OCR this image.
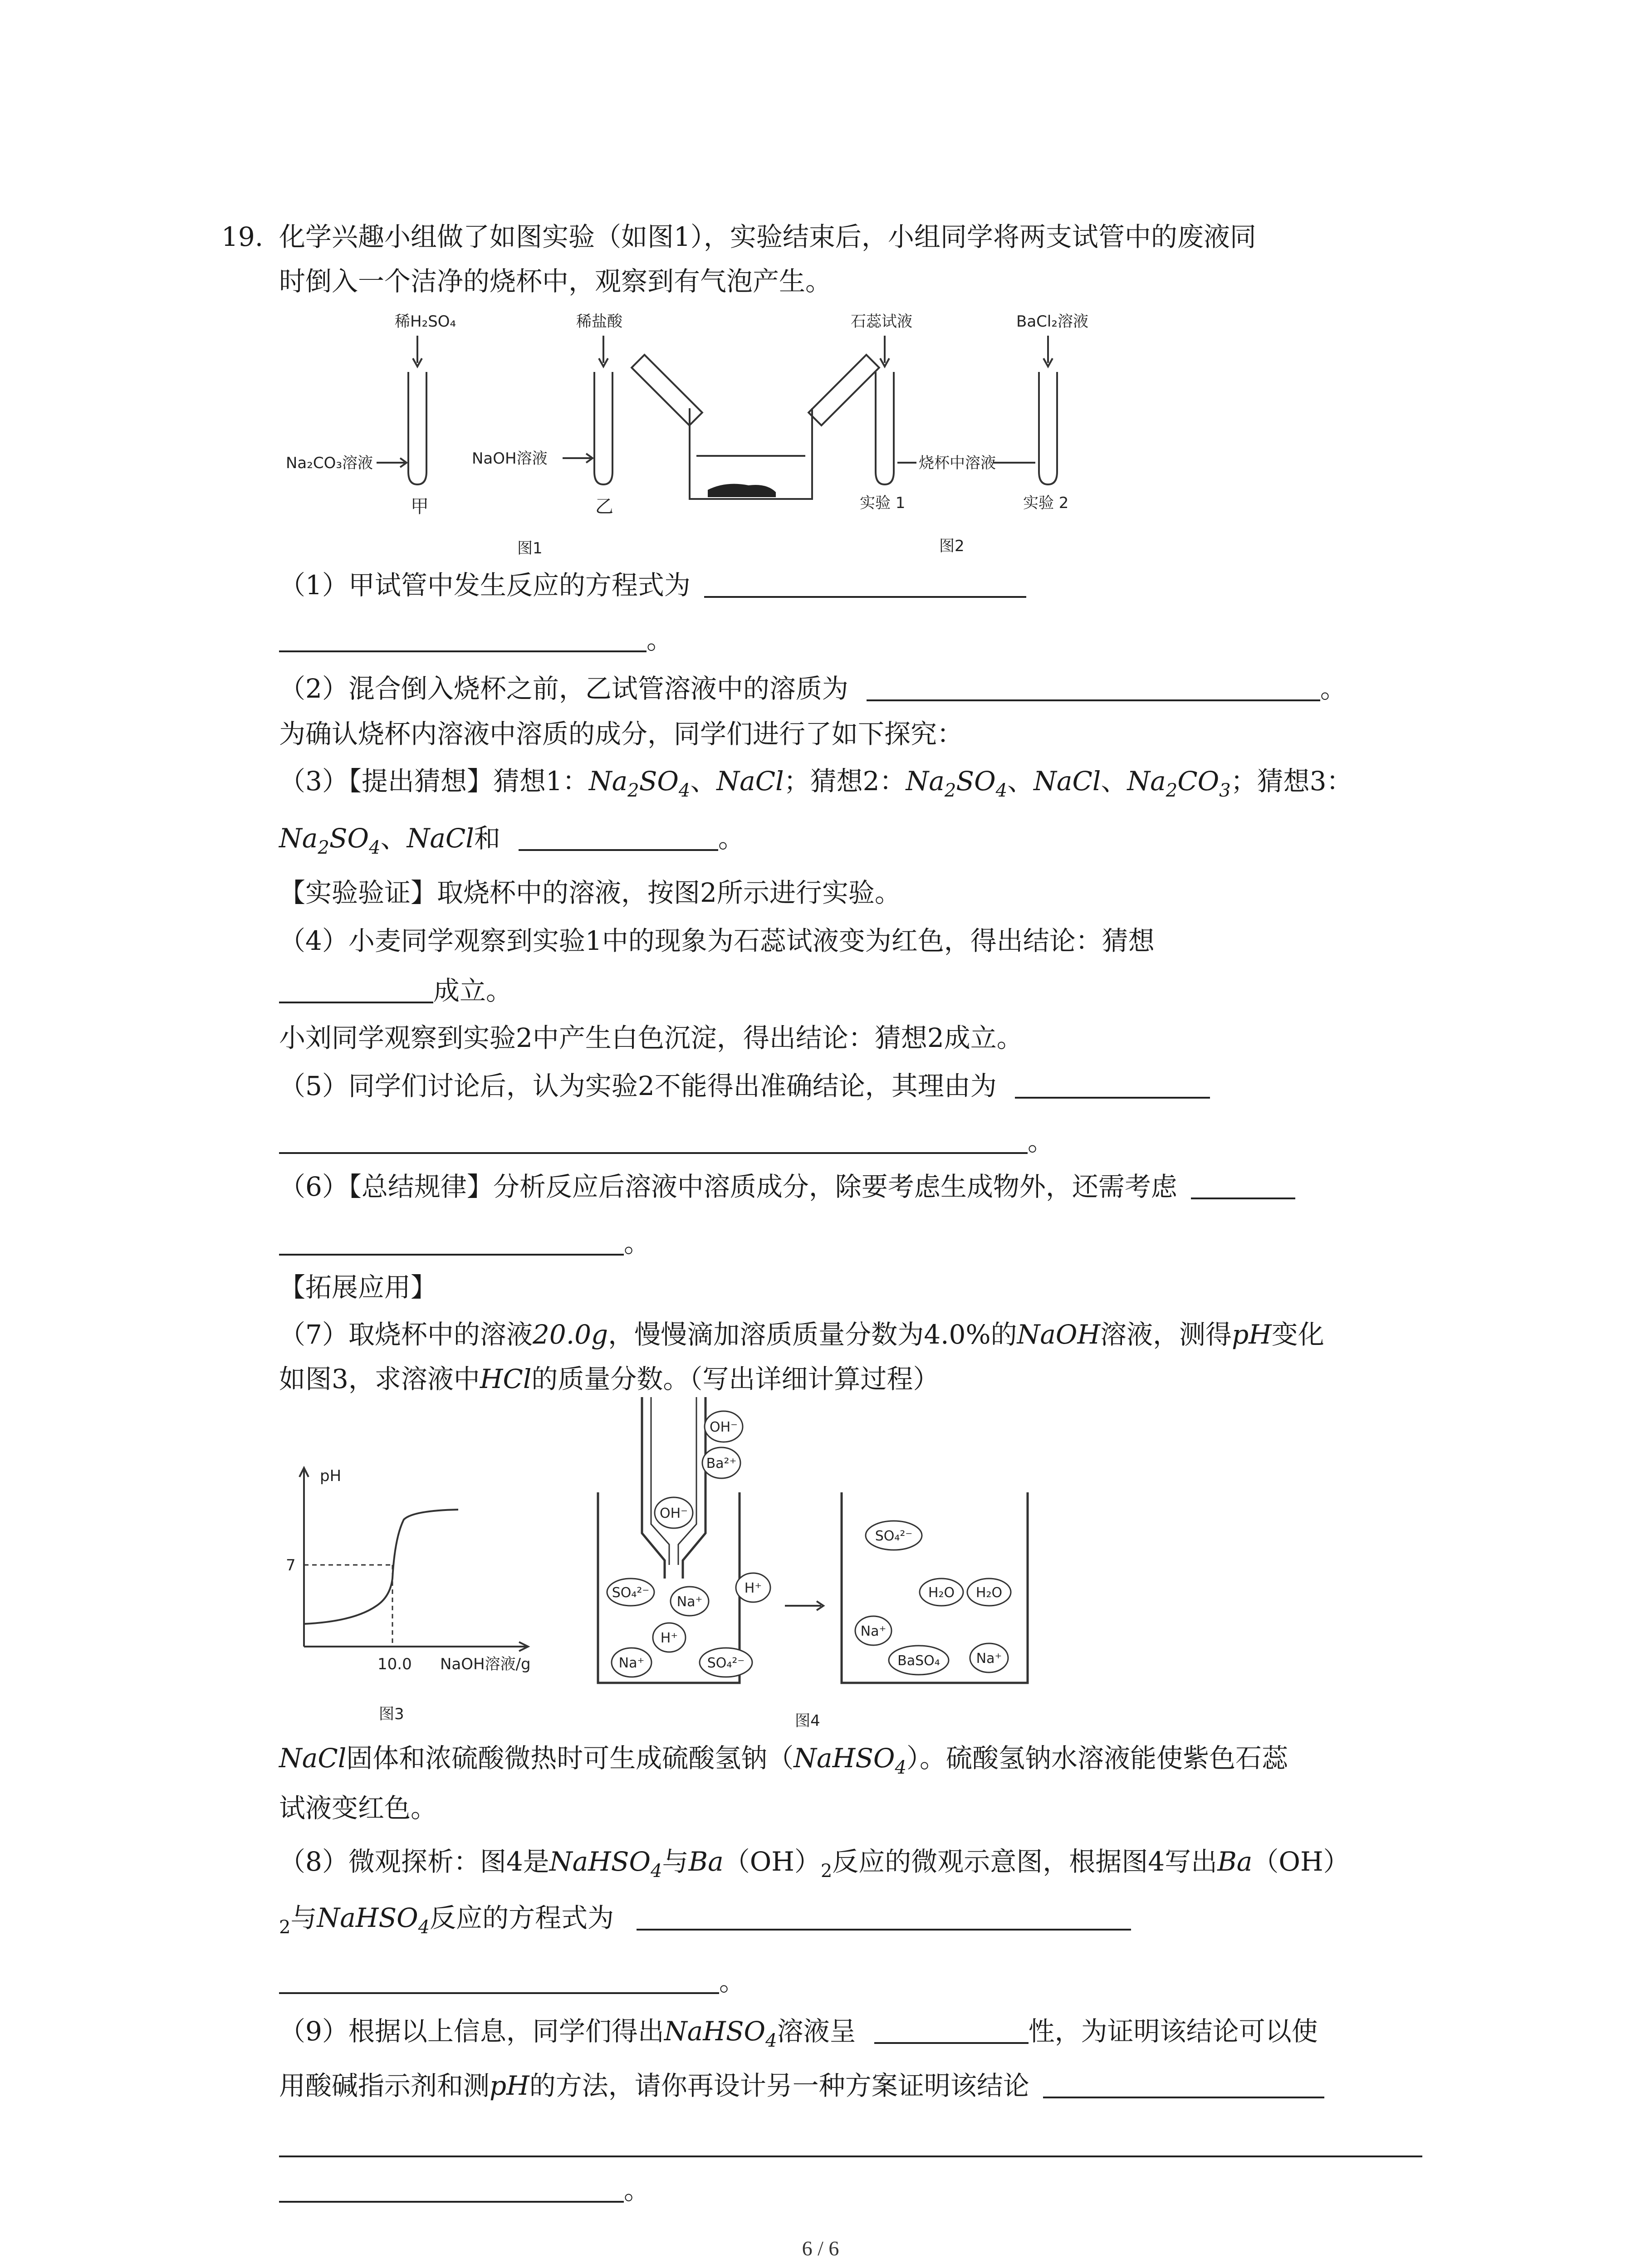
19. 化学兴趣小组做了如图实验（如图1），实验结束后，小组同学将两支试管中的废液同
时倒入一个洁净的烧杯中，观察到有气泡产生。
稀H₂SO₄
Na₂CO₃溶液
甲
稀盐酸
NaOH溶液
乙
石蕊试液	BaCl₂溶液
烧杯中溶液
实验 1	实验 2
图1	图2
（1）甲试管中发生反应的方程式为
。
（2）混合倒入烧杯之前，乙试管溶液中的溶质为	。
为确认烧杯内溶液中溶质的成分，同学们进行了如下探究：
（3）【提出猜想】猜想1：$Na_2SO_4$、NaCl；猜想2：$Na_2SO_4$、NaCl、$Na_2CO_3$；猜想3：
$Na_2SO_4$、NaCl和	。
【实验验证】取烧杯中的溶液，按图2所示进行实验。
（4）小麦同学观察到实验1中的现象为石蕊试液变为红色，得出结论：猜想
成立。
小刘同学观察到实验2中产生白色沉淀，得出结论：猜想2成立。
（5）同学们讨论后，认为实验2不能得出准确结论，其理由为
。
（6）【总结规律】分析反应后溶液中溶质成分，除要考虑生成物外，还需考虑
。
【拓展应用】
（7）取烧杯中的溶液20.0g，慢慢滴加溶质质量分数为4.0%的NaOH溶液，测得pH变化
如图3，求溶液中HCl的质量分数。（写出详细计算过程）
pH
7
10.0 NaOH溶液/g
图3
OH⁻
Ba²⁺
OH⁻
SO₄²⁻
Na⁺
H⁺
H⁺
Na⁺	SO₄²⁻
SO₄²⁻
H₂O H₂O
Na⁺
BaSO₄	Na⁺
图4
NaCl固体和浓硫酸微热时可生成硫酸氢钠（NaHSO$_4$）。硫酸氢钠水溶液能使紫色石蕊
试液变红色。
（8）微观探析：图4是NaHSO$_4$与$Ba(OH)_2$反应的微观示意图，根据图4写出Ba（OH）
$_2$与NaHSO$_4$反应的方程式为
。
（9）根据以上信息，同学们得出NaHSO$_4$溶液呈	性，为证明该结论可以使
用酸碱指示剂和测pH的方法，请你再设计另一种方案证明该结论
。
6 / 6
